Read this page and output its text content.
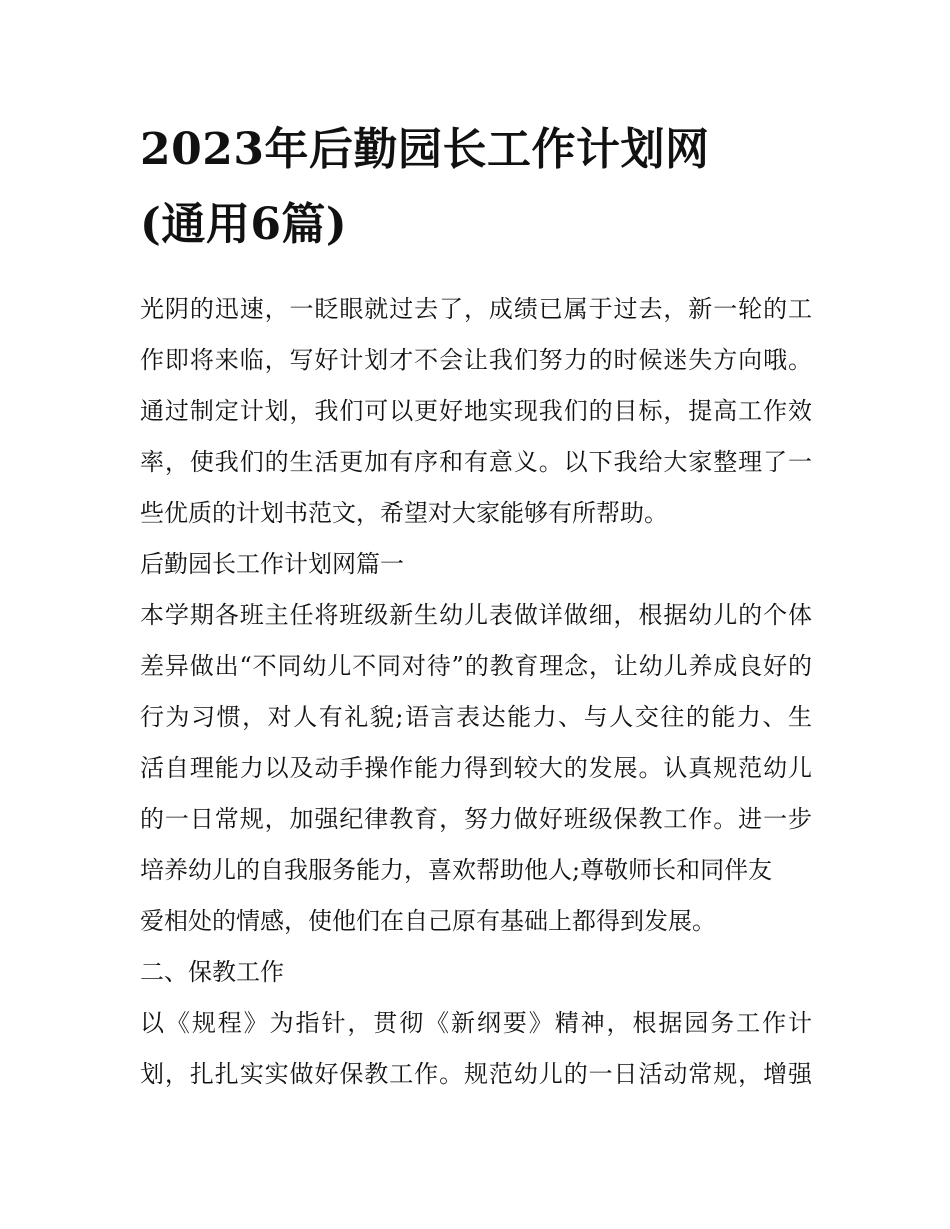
2023年后勤园长工作计划网
(通用6篇)
光阴的迅速，一眨眼就过去了，成绩已属于过去，新一轮的工
作即将来临，写好计划才不会让我们努力的时候迷失方向哦。
通过制定计划，我们可以更好地实现我们的目标，提高工作效
率，使我们的生活更加有序和有意义。以下我给大家整理了一
些优质的计划书范文，希望对大家能够有所帮助。
后勤园长工作计划网篇一
本学期各班主任将班级新生幼儿表做详做细，根据幼儿的个体
差异做出“不同幼儿不同对待”的教育理念，让幼儿养成良好的
行为习惯，对人有礼貌;语言表达能力、与人交往的能力、生
活自理能力以及动手操作能力得到较大的发展。认真规范幼儿
的一日常规，加强纪律教育，努力做好班级保教工作。进一步
培养幼儿的自我服务能力，喜欢帮助他人;尊敬师长和同伴友
爱相处的情感，使他们在自己原有基础上都得到发展。
二、保教工作
以《规程》为指针，贯彻《新纲要》精神，根据园务工作计
划，扎扎实实做好保教工作。规范幼儿的一日活动常规，增强
